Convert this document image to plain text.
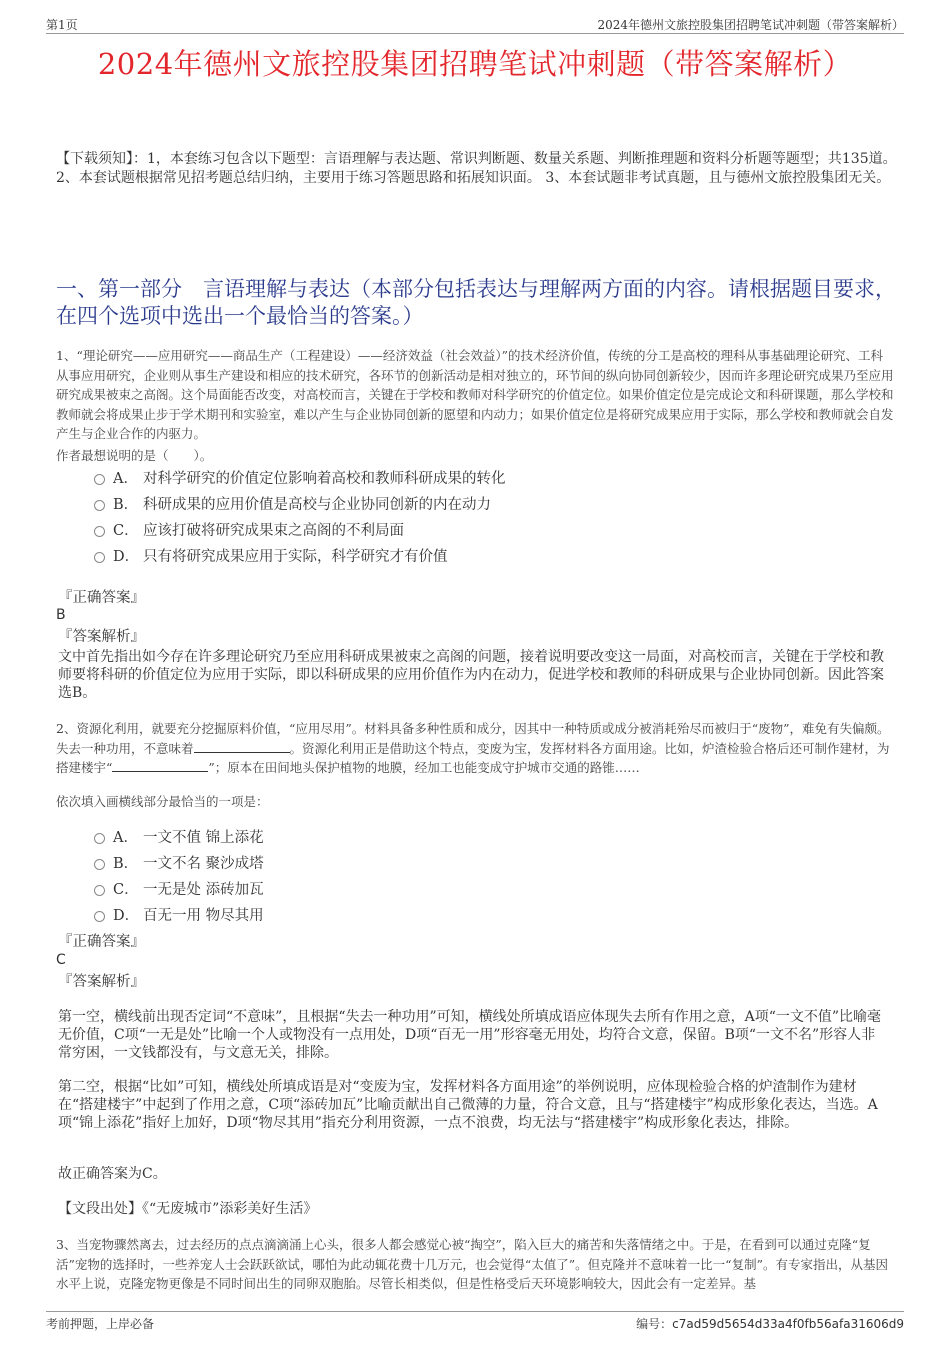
第1页	2024年德州文旅控股集团招聘笔试冲刺题（带答案解析）
2024年德州文旅控股集团招聘笔试冲刺题（带答案解析）
【下载须知】：1，本套练习包含以下题型：言语理解与表达题、常识判断题、数量关系题、判断推理题和资料分析题等题型；共135道。 2、本套试题根据常见招考题总结归纳，主要用于练习答题思路和拓展知识面。 3、本套试题非考试真题，且与德州文旅控股集团无关。
一、第一部分　言语理解与表达（本部分包括表达与理解两方面的内容。请根据题目要求，在四个选项中选出一个最恰当的答案。）
1、“理论研究——应用研究——商品生产（工程建设）——经济效益（社会效益）”的技术经济价值，传统的分工是高校的理科从事基础理论研究、工科从事应用研究，企业则从事生产建设和相应的技术研究，各环节的创新活动是相对独立的，环节间的纵向协同创新较少，因而许多理论研究成果乃至应用研究成果被束之高阁。这个局面能否改变，对高校而言，关键在于学校和教师对科学研究的价值定位。如果价值定位是完成论文和科研课题，那么学校和教师就会将成果止步于学术期刊和实验室，难以产生与企业协同创新的愿望和内动力；如果价值定位是将研究成果应用于实际，那么学校和教师就会自发产生与企业合作的内驱力。
作者最想说明的是（　　）。
A． 对科学研究的价值定位影响着高校和教师科研成果的转化
B． 科研成果的应用价值是高校与企业协同创新的内在动力
C． 应该打破将研究成果束之高阁的不利局面
D． 只有将研究成果应用于实际，科学研究才有价值
『正确答案』
B
『答案解析』
文中首先指出如今存在许多理论研究乃至应用科研成果被束之高阁的问题，接着说明要改变这一局面，对高校而言，关键在于学校和教师要将科研的价值定位为应用于实际，即以科研成果的应用价值作为内在动力，促进学校和教师的科研成果与企业协同创新。因此答案选B。
2、资源化利用，就要充分挖掘原料价值，“应用尽用”。材料具备多种性质和成分，因其中一种特质或成分被消耗殆尽而被归于“废物”，难免有失偏颇。失去一种功用，不意味着	。资源化利用正是借助这个特点，变废为宝，发挥材料各方面用途。比如，炉渣检验合格后还可制作建材，为搭建楼宇“	”；原本在田间地头保护植物的地膜，经加工也能变成守护城市交通的路锥……
依次填入画横线部分最恰当的一项是：
A． 一文不值 锦上添花
B． 一文不名 聚沙成塔
C． 一无是处 添砖加瓦
D． 百无一用 物尽其用
『正确答案』
C
『答案解析』
第一空，横线前出现否定词“不意味”，且根据“失去一种功用”可知，横线处所填成语应体现失去所有作用之意，A项“一文不值”比喻毫无价值，C项“一无是处”比喻一个人或物没有一点用处，D项“百无一用”形容毫无用处，均符合文意，保留。B项“一文不名”形容人非常穷困，一文钱都没有，与文意无关，排除。
第二空，根据“比如”可知，横线处所填成语是对“变废为宝，发挥材料各方面用途”的举例说明，应体现检验合格的炉渣制作为建材在“搭建楼宇”中起到了作用之意，C项“添砖加瓦”比喻贡献出自己微薄的力量，符合文意，且与“搭建楼宇”构成形象化表达，当选。A项“锦上添花”指好上加好，D项“物尽其用”指充分利用资源，一点不浪费，均无法与“搭建楼宇”构成形象化表达，排除。
故正确答案为C。
【文段出处】《“无废城市”添彩美好生活》
3、当宠物骤然离去，过去经历的点点滴滴涌上心头，很多人都会感觉心被“掏空”，陷入巨大的痛苦和失落情绪之中。于是，在看到可以通过克隆“复活”宠物的选择时，一些养宠人士会跃跃欲试，哪怕为此动辄花费十几万元，也会觉得“太值了”。但克隆并不意味着一比一“复制”。有专家指出，从基因水平上说，克隆宠物更像是不同时间出生的同卵双胞胎。尽管长相类似，但是性格受后天环境影响较大，因此会有一定差异。基
考前押题，上岸必备	编号：c7ad59d5654d33a4f0fb56afa31606d9
